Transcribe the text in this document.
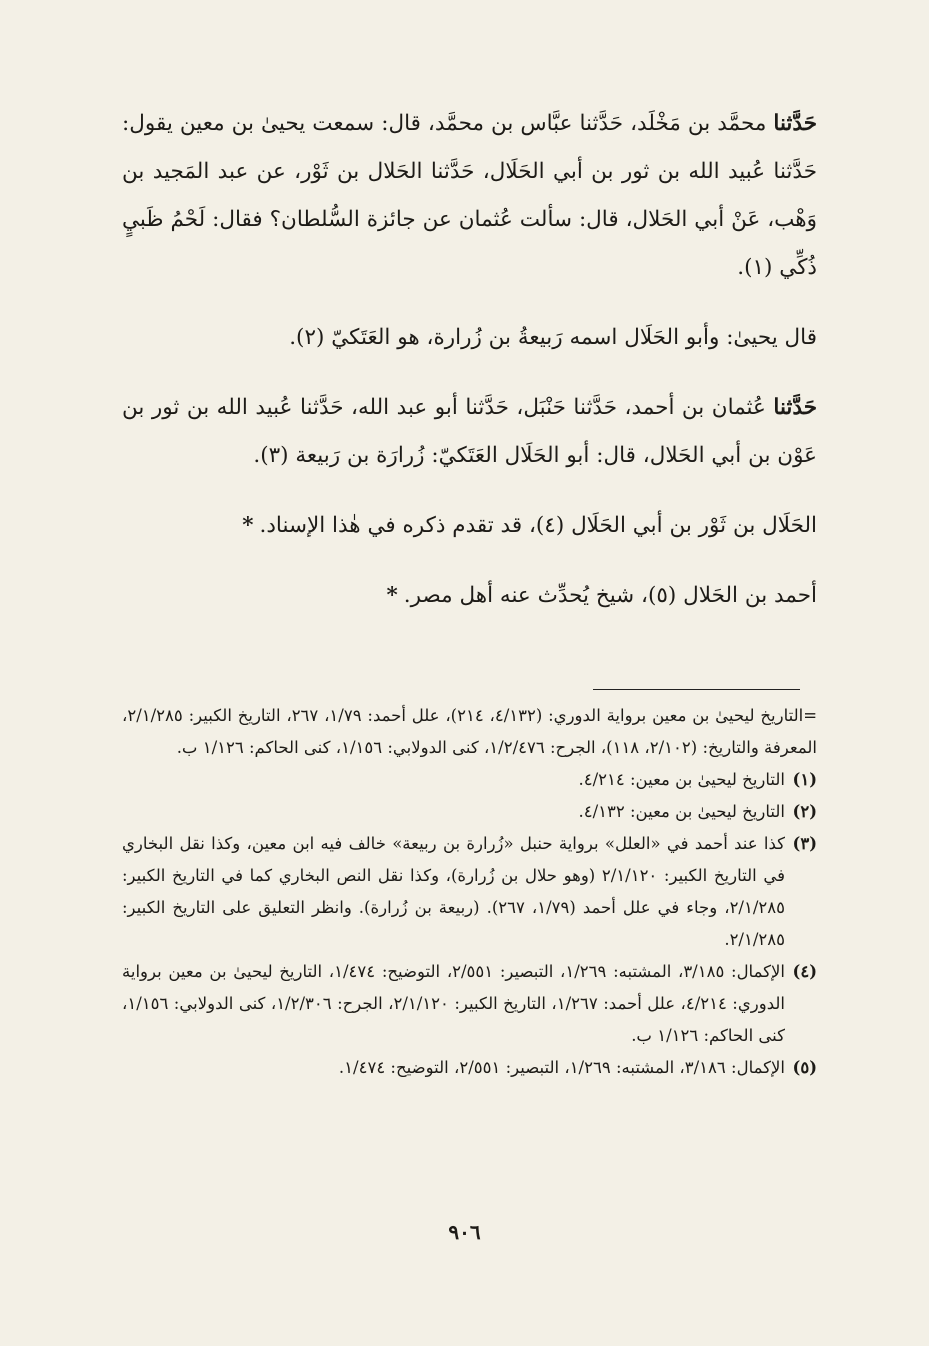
حَدَّثنا محمَّد بن مَخْلَد، حَدَّثنا عبَّاس بن محمَّد، قال: سمعت يحيىٰ بن معين يقول: حَدَّثنا عُبيد الله بن ثور بن أبي الحَلَال، حَدَّثنا الحَلال بن ثَوْر، عن عبد المَجيد بن وَهْب، عَنْ أبي الحَلال، قال: سألت عُثمان عن جائزة السُّلطان؟ فقال: لَحْمُ ظَبيٍ ذُكِّي (١).

قال يحيىٰ: وأبو الحَلَال اسمه رَبيعةُ بن زُرارة، هو العَتَكيّ (٢).

حَدَّثنا عُثمان بن أحمد، حَدَّثنا حَنْبَل، حَدَّثنا أبو عبد الله، حَدَّثنا عُبيد الله بن ثور بن عَوْن بن أبي الحَلال، قال: أبو الحَلَال العَتَكيّ: زُرارَة بن رَبيعة (٣).

الحَلَال بن ثَوْر بن أبي الحَلَال (٤)، قد تقدم ذكره في هٰذا الإسناد.*

أحمد بن الحَلال (٥)، شيخ يُحدِّث عنه أهل مصر.*

=التاريخ ليحيىٰ بن معين برواية الدوري: (٤/١٣٢، ٢١٤)، علل أحمد: ١/٧٩، ٢٦٧، التاريخ الكبير: ٢/١/٢٨٥، المعرفة والتاريخ: (٢/١٠٢، ١١٨)، الجرح: ١/٢/٤٧٦، كنى الدولابي: ١/١٥٦، كنى الحاكم: ١/١٢٦ ب.

(١)
التاريخ ليحيىٰ بن معين: ٤/٢١٤.

(٢)
التاريخ ليحيىٰ بن معين: ٤/١٣٢.

(٣)
كذا عند أحمد في «العلل» برواية حنبل «زُرارة بن ربيعة» خالف فيه ابن معين، وكذا نقل البخاري في التاريخ الكبير: ٢/١/١٢٠ (وهو حلال بن زُرارة)، وكذا نقل النص البخاري كما في التاريخ الكبير: ٢/١/٢٨٥، وجاء في علل أحمد (١/٧٩، ٢٦٧). (ربيعة بن زُرارة). وانظر التعليق على التاريخ الكبير: ٢/١/٢٨٥.

(٤)
الإكمال: ٣/١٨٥، المشتبه: ١/٢٦٩، التبصير: ٢/٥٥١، التوضيح: ١/٤٧٤، التاريخ ليحيىٰ بن معين برواية الدوري: ٤/٢١٤، علل أحمد: ١/٢٦٧، التاريخ الكبير: ٢/١/١٢٠، الجرح: ١/٢/٣٠٦، كنى الدولابي: ١/١٥٦، كنى الحاكم: ١/١٢٦ ب.

(٥)
الإكمال: ٣/١٨٦، المشتبه: ١/٢٦٩، التبصير: ٢/٥٥١، التوضيح: ١/٤٧٤.

٩٠٦
